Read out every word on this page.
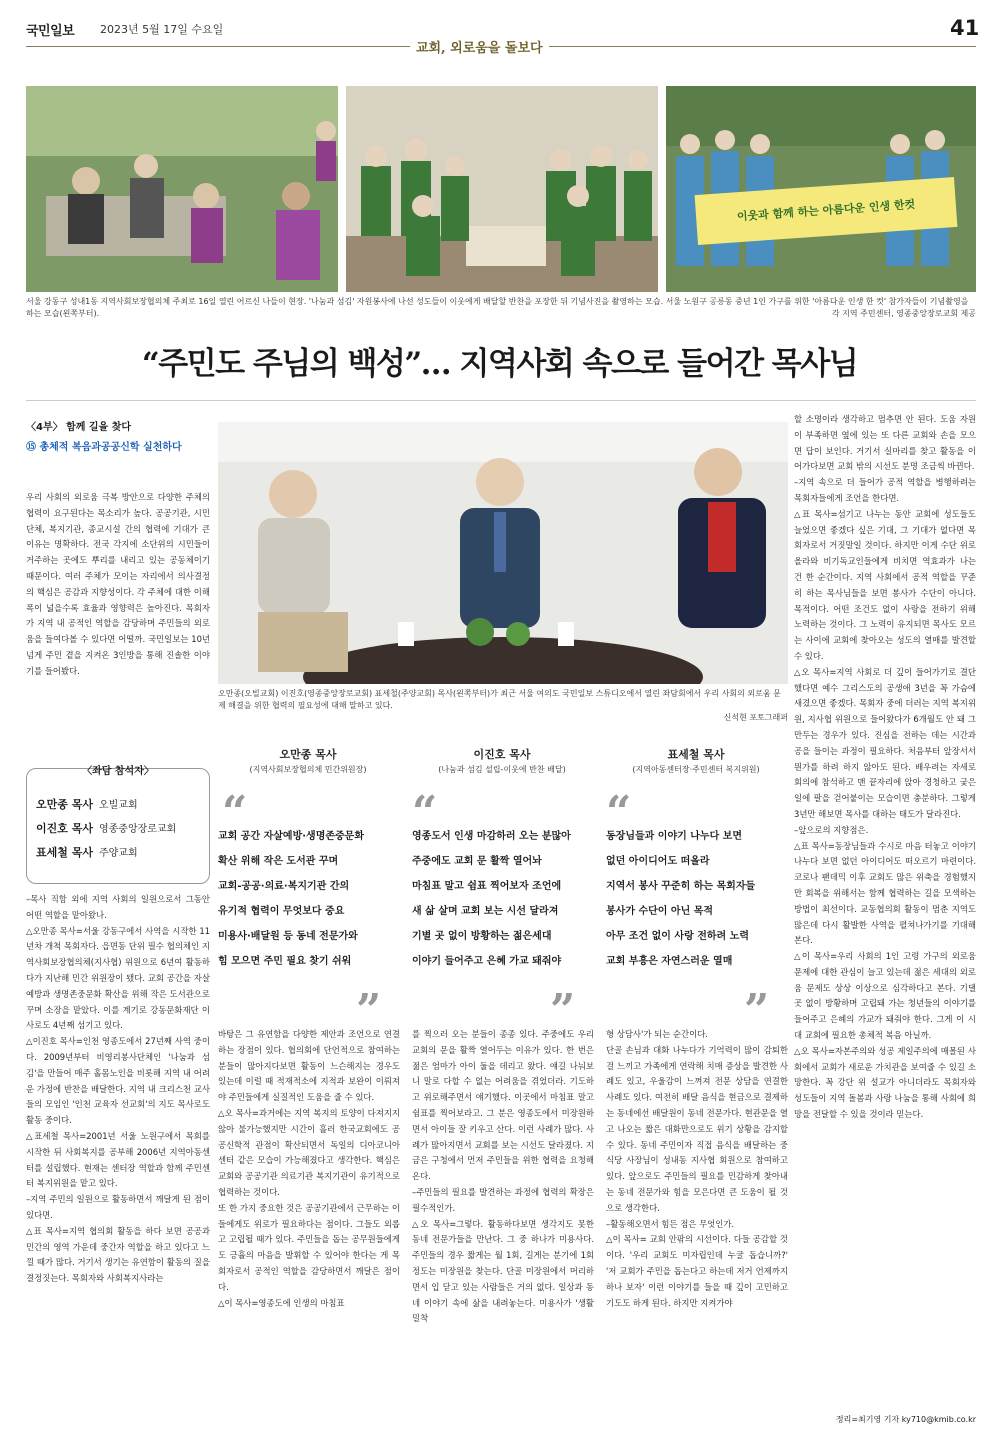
국민일보 2023년 5월 17일 수요일
교회, 외로움을 돌보다
41
이웃과 함께 하는 아름다운 인생 한컷
서울 강동구 성내1동 지역사회보장협의체 주최로 16일 열린 어르신 나들이 현장. '나눔과 섬김' 자원봉사에 나선 성도들이 이웃에게 배달할 반찬을 포장한 뒤 기념사진을 촬영하는 모습. 서울 노원구 공릉동 중년 1인 가구를 위한 '아름다운 인생 한 컷' 참가자들이 기념촬영을 하는 모습(왼쪽부터).	각 지역 주민센터, 영종중앙장로교회 제공
“주민도 주님의 백성”… 지역사회 속으로 들어간 목사님
〈4부〉 함께 길을 찾다
⑮ 총체적 복음과공공신학 실천하다

우리 사회의 외로움 극복 방안으로 다양한 주체의 협력이 요구된다는 목소리가 높다. 공공기관, 시민단체, 복지기관, 종교시설 간의 협력에 기대가 큰 이유는 명확하다. 전국 각지에 소단위의 시민들이 거주하는 곳에도 뿌리를 내리고 있는 공동체이기 때문이다. 여러 주체가 모이는 자리에서 의사결정의 핵심은 공감과 지향성이다. 각 주체에 대한 이해폭이 넓을수록 효율과 영향력은 높아진다. 목회자가 지역 내 공적인 역할을 감당하며 주민들의 외로움을 들여다볼 수 있다면 어떨까. 국민일보는 10년 넘게 주민 곁을 지켜온 3인방을 통해 진솔한 이야기를 들어봤다.

〈좌담 참석자〉
오만종 목사 오빌교회
이진호 목사 영종중앙장로교회
표세철 목사 주양교회

–목사 직함 외에 지역 사회의 일원으로서 그동안 어떤 역할을 맡아왔나.
△오만종 목사=서울 강동구에서 사역을 시작한 11년차 개척 목회자다. 읍면동 단위 필수 협의체인 지역사회보장협의체(지사협) 위원으로 6년여 활동하다가 지난해 민간 위원장이 됐다. 교회 공간을 자살예방과 생명존중문화 확산을 위해 작은 도서관으로 꾸며 소장을 맡았다. 이를 계기로 강동문화재단 이사로도 4년째 섬기고 있다.
△이진호 목사=인천 영종도에서 27년째 사역 중이다. 2009년부터 비영리봉사단체인 '나눔과 섬김'을 만들어 매주 홀몸노인을 비롯해 지역 내 어려운 가정에 반찬을 배달한다. 지역 내 크리스천 교사들의 모임인 '인천 교육자 선교회'의 지도 목사로도 활동 중이다.
△표세철 목사=2001년 서울 노원구에서 목회를 시작한 뒤 사회복지를 공부해 2006년 지역아동센터를 설립했다. 현재는 센터장 역할과 함께 주민센터 복지위원을 맡고 있다.
–지역 주민의 일원으로 활동하면서 깨달게 된 점이 있다면.
△표 목사=지역 협의회 활동을 하다 보면 공공과 민간의 영역 가운데 중간자 역할을 하고 있다고 느낄 때가 많다. 거기서 생기는 유연함이 활동의 질을 결정짓는다. 목회자와 사회복지사라는

오만종(오빌교회) 이진호(영종중앙장로교회) 표세철(주양교회) 목사(왼쪽부터)가 최근 서울 여의도 국민일보 스튜디오에서 열린 좌담회에서 우리 사회의 외로움 문제 해결을 위한 협력의 필요성에 대해 말하고 있다.
신석현 포토그래퍼
오만종 목사
(지역사회보장협의체 민간위원장)
“
교회 공간 자살예방·생명존중문화
확산 위해 작은 도서관 꾸며
교회-공공·의료·복지기관 간의
유기적 협력이 무엇보다 중요
미용사·배달원 등 동네 전문가와
힘 모으면 주민 필요 찾기 쉬워
”
이진호 목사
(나눔과 섬김 설립-이웃에 반찬 배달)
“
영종도서 인생 마감하러 오는 분많아
주중에도 교회 문 활짝 열어놔
마침표 말고 쉼표 찍어보자 조언에
새 삶 살며 교회 보는 시선 달라져
기별 곳 없이 방황하는 젊은세대
이야기 들어주고 은혜 가교 돼줘야
”
표세철 목사
(지역아동센터장·주민센터 복지위원)
“
동장님들과 이야기 나누다 보면
없던 아이디어도 떠올라
지역서 봉사 꾸준히 하는 목회자들
봉사가 수단이 아닌 목적
아무 조건 없이 사랑 전하려 노력
교회 부흥은 자연스러운 열매
”

바탕은 그 유연함을 다양한 제안과 조언으로 연결하는 장점이 있다. 협의회에 단언적으로 참여하는 분들이 많아지다보면 활동이 느슨해지는 경우도 있는데 이럴 때 적재적소에 지적과 보완이 이뤄져야 주민들에게 실질적인 도움을 줄 수 있다.
△오 목사=과거에는 지역 복지의 토양이 다져지지 않아 불가능했지만 시간이 흘러 한국교회에도 공공신학적 관점이 확산되면서 독일의 디아코니아 센터 같은 모습이 가능해졌다고 생각한다. 핵심은 교회와 공공기관 의료기관 복지기관이 유기적으로 협력하는 것이다.
또 한 가지 중요한 것은 공공기관에서 근무하는 이들에게도 위로가 필요하다는 점이다. 그들도 외롭고 고립될 때가 있다. 주민들을 돕는 공무원들에게도 긍휼의 마음을 발휘할 수 있어야 한다는 게 목회자로서 공적인 역할을 감당하면서 깨달은 점이다.
△이 목사=영종도에 인생의 마침표

를 찍으러 오는 분들이 종종 있다. 주중에도 우리 교회의 문을 활짝 열어두는 이유가 있다. 한 번은 젊은 엄마가 아이 둘을 데리고 왔다. 얘길 나눠보니 말로 다할 수 없는 어려움을 겪었더라. 기도하고 위로해주면서 얘기했다. 이곳에서 마침표 말고 쉼표를 찍어보라고. 그 분은 영종도에서 미장원하면서 아이들 잘 키우고 산다. 이런 사례가 많다. 사례가 많아지면서 교회를 보는 시선도 달라졌다. 지금은 구청에서 먼저 주민들을 위한 협력을 요청해 온다.
–주민들의 필요를 발견하는 과정에 협력의 확장은 필수적인가.
△오 목사=그렇다. 활동하다보면 생각지도 못한 동네 전문가들을 만난다. 그 중 하나가 미용사다. 주민들의 경우 짧게는 월 1회, 길게는 분기에 1회 정도는 미장원을 찾는다. 단골 미장원에서 머리하면서 입 닫고 있는 사람들은 거의 없다. 일상과 동네 이야기 속에 삶을 내려놓는다. 미용사가 '생활 밀착

형 상담사'가 되는 순간이다.
단골 손님과 대화 나누다가 기억력이 많이 감퇴한 걸 느끼고 가족에게 연락해 치매 증상을 발견한 사례도 있고, 우울감이 느껴져 전문 상담을 연결한 사례도 있다. 여전히 배달 음식을 현금으로 결제하는 동네에선 배달원이 동네 전문가다. 현관문을 열고 나오는 짧은 대화만으로도 위기 상황을 감지할 수 있다. 동네 주민이자 직접 음식을 배달하는 중식당 사장님이 성내동 지사협 회원으로 참여하고 있다. 앞으로도 주민들의 필요를 민감하게 찾아내는 동네 전문가와 힘을 모은다면 큰 도움이 될 것으로 생각한다.
–활동해오면서 힘든 점은 무엇인가.
△이 목사= 교회 안팎의 시선이다. 다들 공감할 것이다. '우리 교회도 미자립인데 누굴 돕습니까?' '저 교회가 주민을 돕는다고 하는데 저거 언제까지 하나 보자' 이런 이야기를 들을 때 깊이 고민하고 기도도 하게 된다. 하지만 지켜가야

할 소명이라 생각하고 멈추면 안 된다. 도움 자원이 부족하면 옆에 있는 또 다른 교회와 손을 모으면 답이 보인다. 거기서 실마리를 찾고 활동을 이어가다보면 교회 밖의 시선도 분명 조금씩 바뀐다.
–지역 속으로 더 들어가 공적 역할을 병행하려는 목회자들에게 조언을 한다면.
△표 목사=섬기고 나누는 동안 교회에 성도들도 늘었으면 좋겠다 싶은 기대, 그 기대가 없다면 목회자로서 거짓말일 것이다. 하지만 이게 수단 위로 올라와 비기독교인들에게 비치면 역효과가 나는 건 한 순간이다. 지역 사회에서 공적 역할을 꾸준히 하는 목사님들을 보면 봉사가 수단이 아니다. 목적이다. 어떤 조건도 없이 사랑을 전하기 위해 노력하는 것이다. 그 노력이 유지되면 목사도 모르는 사이에 교회에 찾아오는 성도의 열매를 발견할 수 있다.
△오 목사=지역 사회로 더 깊이 들어가기로 결단했다면 예수 그리스도의 공생애 3년을 꼭 가슴에 새겼으면 좋겠다. 목회자 중에 더러는 지역 복지위원, 지사협 위원으로 들어왔다가 6개월도 안 돼 그만두는 경우가 있다. 진심을 전하는 데는 시간과 공을 들이는 과정이 필요하다. 처음부터 앞장서서 뭔가를 하려 하지 않아도 된다. 배우려는 자세로 회의에 참석하고 맨 끝자리에 앉아 경청하고 궂은 일에 팔을 걷어붙이는 모습이면 충분하다. 그렇게 3년만 해보면 목사를 대하는 태도가 달라진다.
–앞으로의 지향점은.
△표 목사=동장님들과 수시로 마음 터놓고 이야기 나누다 보면 없던 아이디어도 떠오르기 마련이다. 코로나 팬데믹 이후 교회도 많은 위축을 경험했지만 회복을 위해서는 함께 협력하는 길을 모색하는 방법이 최선이다. 교동협의회 활동이 멈춘 지역도 많은데 다시 활발한 사역을 펼쳐나가기를 기대해본다.
△이 목사=우리 사회의 1인 고령 가구의 외로움 문제에 대한 관심이 늘고 있는데 젊은 세대의 외로움 문제도 상상 이상으로 심각하다고 본다. 기댈 곳 없이 방황하며 고립돼 가는 청년들의 이야기를 들어주고 은혜의 가교가 돼줘야 한다. 그게 이 시대 교회에 필요한 총체적 복음 아닐까.
△오 목사=자본주의와 성공 제일주의에 매몰된 사회에서 교회가 새로운 가치관을 보여줄 수 있길 소망한다. 꼭 강단 위 설교가 아니더라도 목회자와 성도들이 지역 돌봄과 사랑 나눔을 통해 사회에 희망을 전달할 수 있을 것이라 믿는다.

정리=최기영 기자 ky710@kmib.co.kr
